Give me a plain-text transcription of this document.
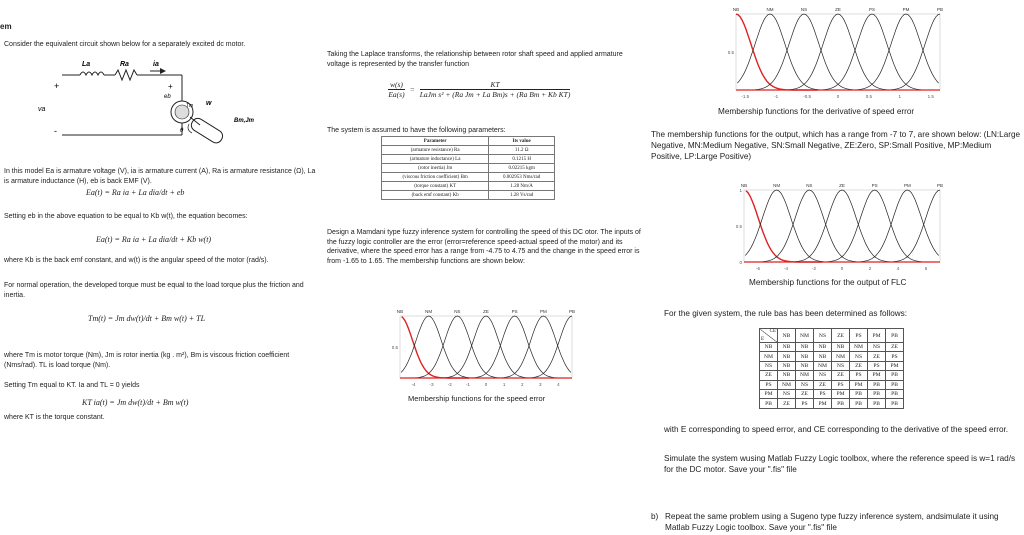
em
Consider the equivalent circuit shown below for a separately excited dc motor.
La	Ra	ia
+
va
+
eb
-
Tm w
θ
Bm,Jm
In this model Ea is armature voltage (V), ia is armature current (A), Ra is armature resistance (Ω), La is armature inductance (H), eb is back EMF (V).
Ea(t) = Ra ia + La dia/dt + eb
Setting eb in the above equation to be equal to Kb w(t), the equation becomes:
Ea(t) = Ra ia + La dia/dt + Kb w(t)
where Kb is the back emf constant, and w(t) is the angular speed of the motor (rad/s).
For normal operation, the developed torque must be equal to the load torque plus the friction and inertia.
Tm(t) = Jm dw(t)/dt + Bm w(t) + TL
where Tm is motor torque (Nm), Jm is rotor inertia (kg . m²), Bm is viscous friction coefficient (Nms/rad). TL is load torque (Nm).
Setting Tm equal to KT. Ia and TL = 0 yields
KT ia(t) = Jm dw(t)/dt + Bm w(t)
where KT is the torque constant.
Taking the Laplace transforms, the relationship between rotor shaft speed and applied armature voltage is represented by the transfer function
$\frac{w(s)}{Ea(s)}$ =
KT
LaJm s² + (Ra Jm + La Bm)s + (Ra Bm + Kb KT)
The system is assumed to have the following parameters:
Parameter	Its value
(armature resistance) Ra	11.2 Ω
(armature inductance) La	0.1215 H
(rotor inertia) Jm	0.02215 kgm
(viscous friction coefficient) Bm	0.002953 Nms/rad
(torque constant) KT	1.28 Nm/A
(back emf constant) Kb	1.28 Vs/rad
Design a Mamdani type fuzzy inference system for controlling the speed of this DC otor. The inputs of the fuzzy logic controller are the error (error=reference speed-actual speed of the motor) and its derivative, where the speed error has a range from -4.75 to 4.75 and the change in the speed error is from -1.65 to 1.65. The membership functions are shown below:
NB	NM	NS	ZE	PS	PM	PB
-4	-3	-2	-1	0	1	2	3	4
0.5
Membership functions for the speed error
NB	NM	NS	ZE	PS	PM	PB
-1.5	-1	-0.5	0	0.5	1	1.5
0.5
Membership functions for the derivative of speed error
The membership functions for the output, which has a range from -7 to 7, are shown below: (LN:Large Negative, MN:Medium Negative, SN:Small Negative, ZE:Zero, SP:Small Positive, MP:Medium Positive, LP:Large Positive)
NB	NM	NS	ZE	PS	PM	PB
-6	-4	-2	0	2	4	6
0.5
1
0
Membership functions for the output of FLC
For the given system, the rule bas has been determined as follows:
CE
E	NB	NM	NS	ZE	PS	PM	PB
NB	NB	NB	NB	NB	NM	NS	ZE
NM	NB	NB	NB	NM	NS	ZE	PS
NS	NB	NB	NM	NS	ZE	PS	PM
ZE	NB	NM	NS	ZE	PS	PM	PB
PS	NM	NS	ZE	PS	PM	PB	PB
PM	NS	ZE	PS	PM	PB	PB	PB
PB	ZE	PS	PM	PB	PB	PB	PB
with E corresponding to speed error, and CE corresponding to the derivative of the speed error.
Simulate the system wusing Matlab Fuzzy Logic toolbox, where the reference speed is w=1 rad/s for the DC motor. Save your ".fis" file
b) Repeat the same problem using a Sugeno type fuzzy inference system, andsimulate it using Matlab Fuzzy Logic toolbox. Save your ".fis" file
